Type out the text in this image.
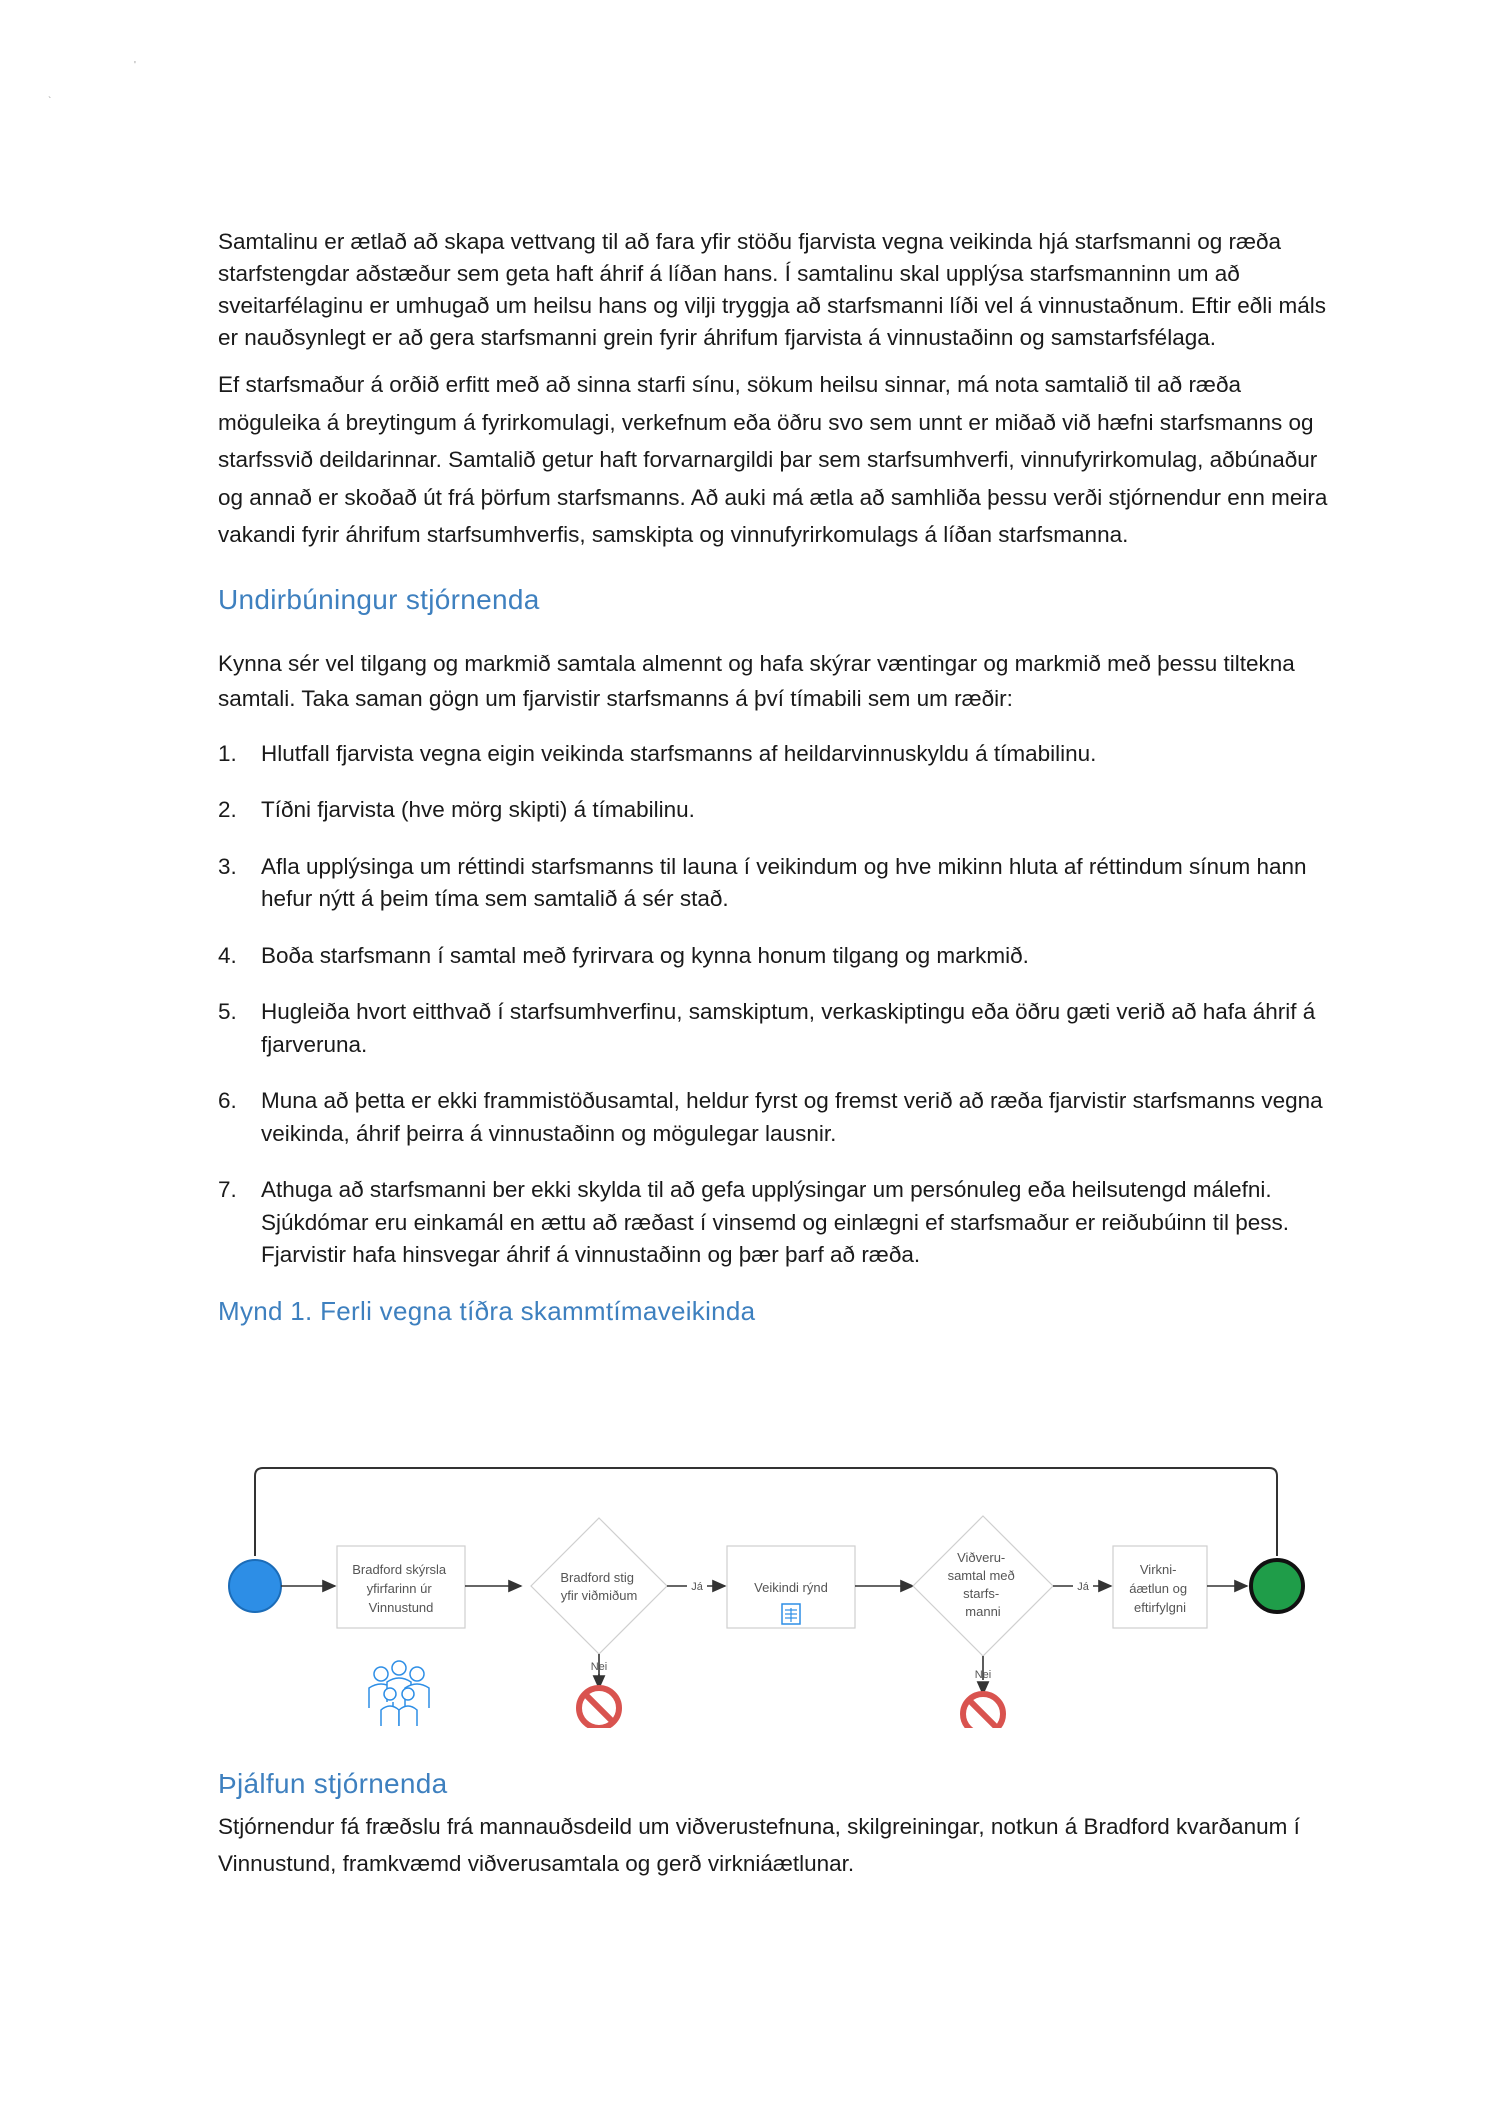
'
`

Samtalinu er ætlað að skapa vettvang til að fara yfir stöðu fjarvista vegna veikinda hjá starfsmanni og ræða starfstengdar aðstæður sem geta haft áhrif á líðan hans. Í samtalinu skal upplýsa starfsmanninn um að sveitarfélaginu er umhugað um heilsu hans og vilji tryggja að starfsmanni líði vel á vinnustaðnum. Eftir eðli máls er nauðsynlegt er að gera starfsmanni grein fyrir áhrifum fjarvista á vinnustaðinn og samstarfsfélaga.

Ef starfsmaður á orðið erfitt með að sinna starfi sínu, sökum heilsu sinnar, má nota samtalið til að ræða möguleika á breytingum á fyrirkomulagi, verkefnum eða öðru svo sem unnt er miðað við hæfni starfsmanns og starfssvið deildarinnar. Samtalið getur haft forvarnargildi þar sem starfsumhverfi, vinnufyrirkomulag, aðbúnaður og annað er skoðað út frá þörfum starfsmanns. Að auki má ætla að samhliða þessu verði stjórnendur enn meira vakandi fyrir áhrifum starfsumhverfis, samskipta og vinnufyrirkomulags á líðan starfsmanna.

Undirbúningur stjórnenda

Kynna sér vel tilgang og markmið samtala almennt og hafa skýrar væntingar og markmið með þessu tiltekna samtali. Taka saman gögn um fjarvistir starfsmanns á því tímabili sem um ræðir:

1. Hlutfall fjarvista vegna eigin veikinda starfsmanns af heildarvinnuskyldu á tímabilinu.
2. Tíðni fjarvista (hve mörg skipti) á tímabilinu.
3. Afla upplýsinga um réttindi starfsmanns til launa í veikindum og hve mikinn hluta af réttindum sínum hann hefur nýtt á þeim tíma sem samtalið á sér stað.
4. Boða starfsmann í samtal með fyrirvara og kynna honum tilgang og markmið.
5. Hugleiða hvort eitthvað í starfsumhverfinu, samskiptum, verkaskiptingu eða öðru gæti verið að hafa áhrif á fjarveruna.
6. Muna að þetta er ekki frammistöðusamtal, heldur fyrst og fremst verið að ræða fjarvistir starfsmanns vegna veikinda, áhrif þeirra á vinnustaðinn og mögulegar lausnir.
7. Athuga að starfsmanni ber ekki skylda til að gefa upplýsingar um persónuleg eða heilsutengd málefni. Sjúkdómar eru einkamál en ættu að ræðast í vinsemd og einlægni ef starfsmaður er reiðubúinn til þess. Fjarvistir hafa hinsvegar áhrif á vinnustaðinn og þær þarf að ræða.
Mynd 1. Ferli vegna tíðra skammtímaveikinda
Bradford skýrsla yfirfarinn úr Vinnustund
Bradford stig yfir viðmiðum
Já
Nei
Veikindi rýnd
Viðveru- samtal með starfs- manni
Já
Nei
Virkni- áætlun og eftirfylgni
Þjálfun stjórnenda

Stjórnendur fá fræðslu frá mannauðsdeild um viðverustefnuna, skilgreiningar, notkun á Bradford kvarðanum í Vinnustund, framkvæmd viðverusamtala og gerð virkniáætlunar.
